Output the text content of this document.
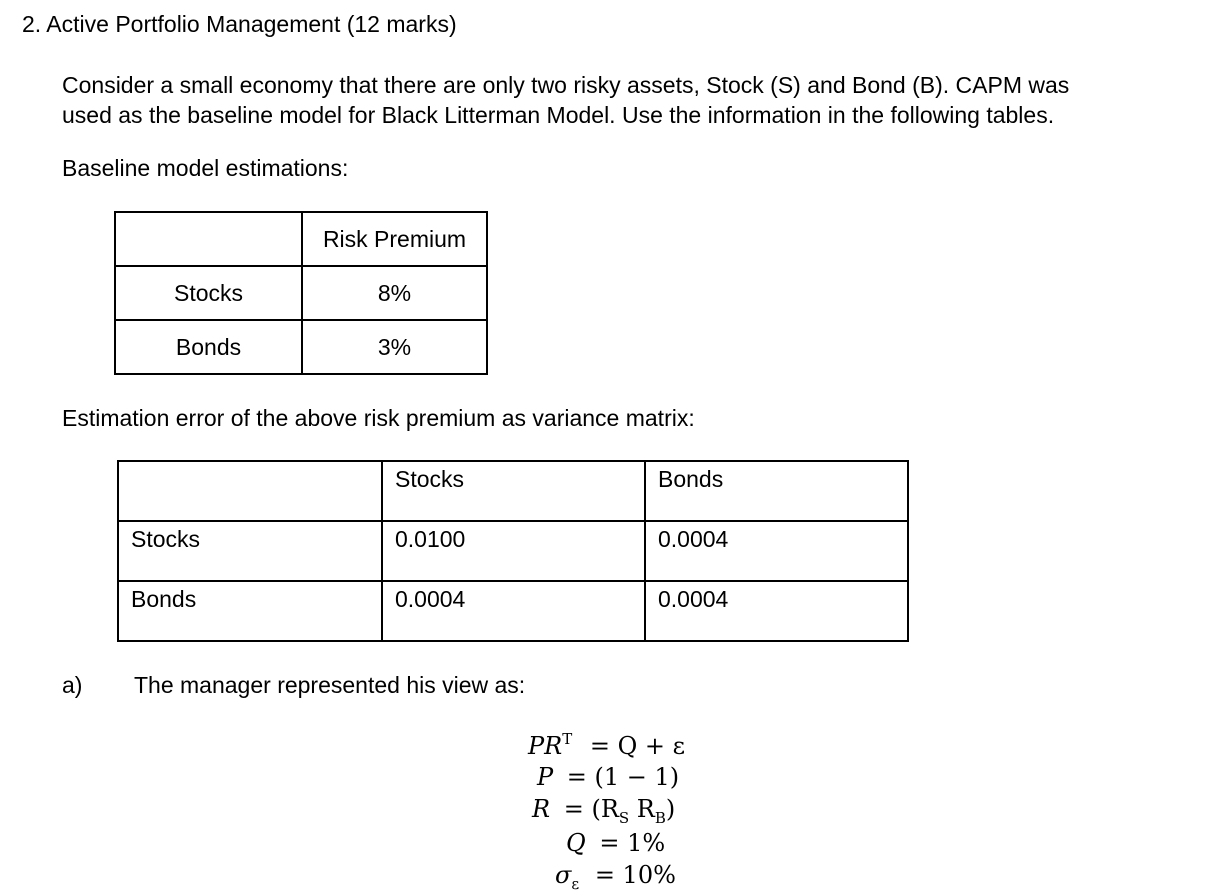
2. Active Portfolio Management (12 marks)
Consider a small economy that there are only two risky assets, Stock (S) and Bond (B). CAPM was
used as the baseline model for Black Litterman Model. Use the information in the following tables.
Baseline model estimations:
	Risk Premium
Stocks	8%
Bonds	3%
Estimation error of the above risk premium as variance matrix:
	Stocks	Bonds
Stocks	0.0100	0.0004
Bonds	0.0004	0.0004
a) The manager represented his view as:
$PR^T = Q + \varepsilon$
P = (1 − 1)
$R = (R_S$ $R_B$)
Q = 1%
$\sigma_\varepsilon = 10\%$
